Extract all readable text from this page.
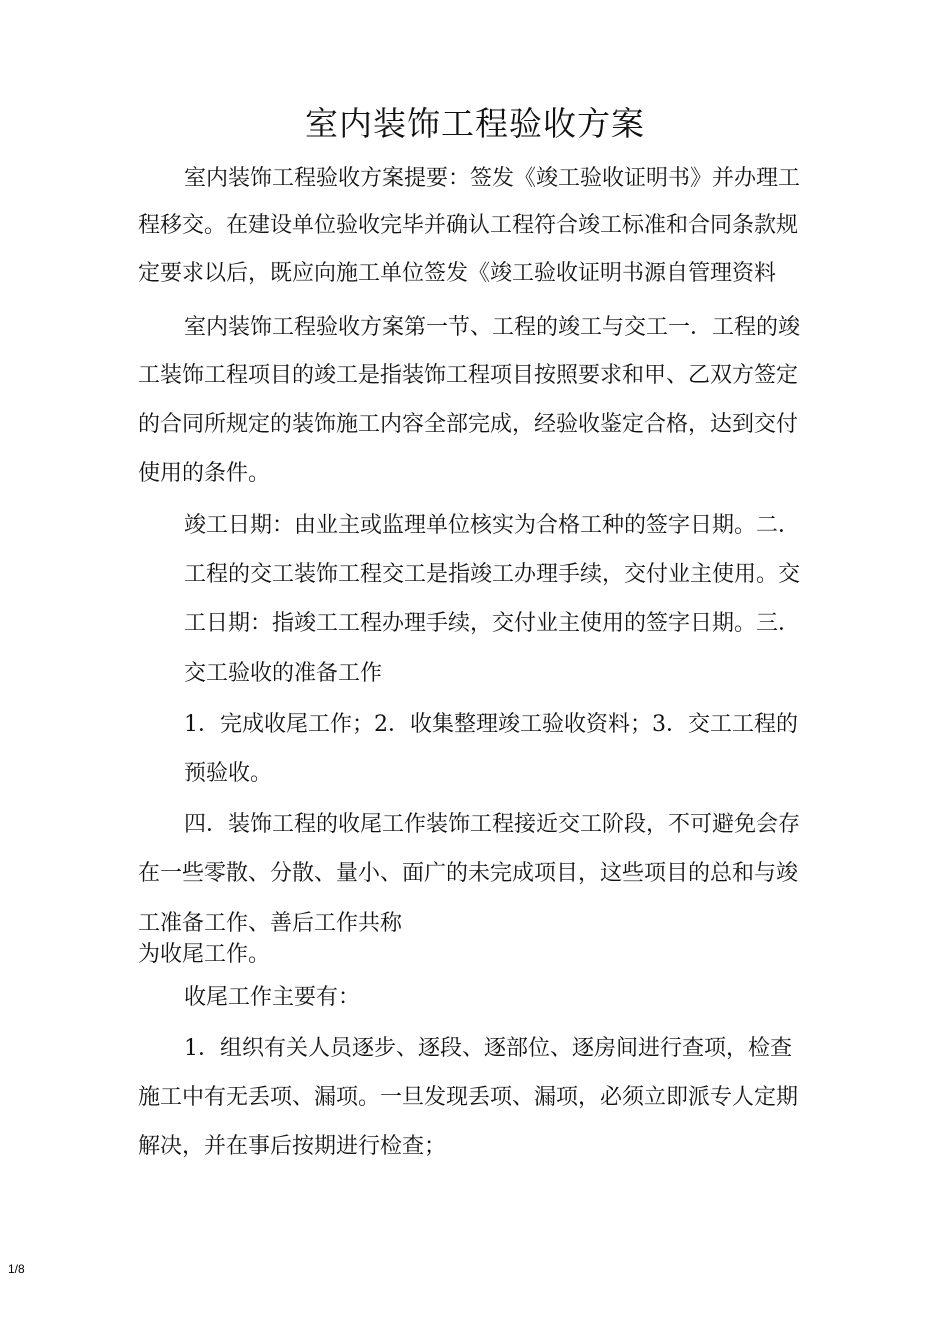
室内装饰工程验收方案

室内装饰工程验收方案提要：签发《竣工验收证明书》并办理工

程移交。在建设单位验收完毕并确认工程符合竣工标准和合同条款规

定要求以后，既应向施工单位签发《竣工验收证明书源自管理资料

室内装饰工程验收方案第一节、工程的竣工与交工一．工程的竣

工装饰工程项目的竣工是指装饰工程项目按照要求和甲、乙双方签定

的合同所规定的装饰施工内容全部完成，经验收鉴定合格，达到交付

使用的条件。

竣工日期：由业主或监理单位核实为合格工种的签字日期。二．

工程的交工装饰工程交工是指竣工办理手续，交付业主使用。交

工日期：指竣工工程办理手续，交付业主使用的签字日期。三．

交工验收的准备工作

1．完成收尾工作；2．收集整理竣工验收资料；3．交工工程的

预验收。

四．装饰工程的收尾工作装饰工程接近交工阶段，不可避免会存

在一些零散、分散、量小、面广的未完成项目，这些项目的总和与竣

工准备工作、善后工作共称

为收尾工作。

收尾工作主要有：

1．组织有关人员逐步、逐段、逐部位、逐房间进行查项，检查

施工中有无丢项、漏项。一旦发现丢项、漏项，必须立即派专人定期

解决，并在事后按期进行检查；

1/8
